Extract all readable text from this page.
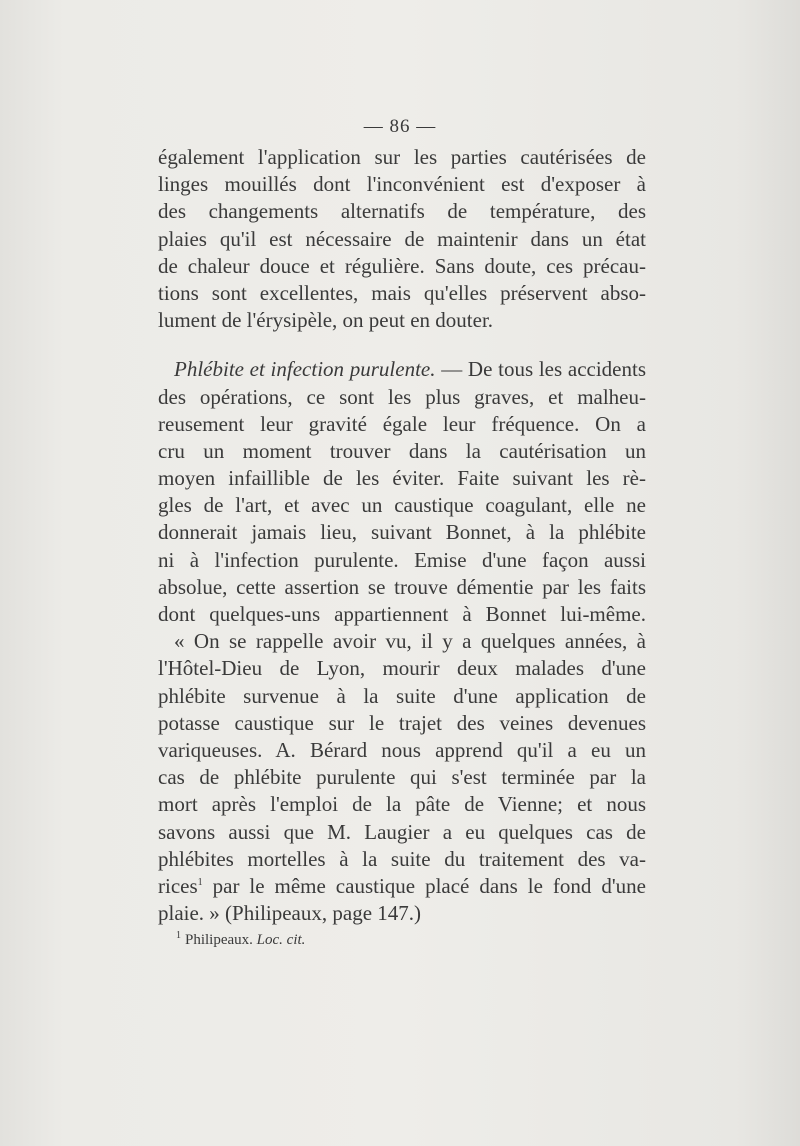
— 86 —
également l'application sur les parties cautérisées de
linges mouillés dont l'inconvénient est d'exposer à
des changements alternatifs de température, des
plaies qu'il est nécessaire de maintenir dans un état
de chaleur douce et régulière. Sans doute, ces précau-
tions sont excellentes, mais qu'elles préservent abso-
lument de l'érysipèle, on peut en douter.
Phlébite et infection purulente. — De tous les accidents
des opérations, ce sont les plus graves, et malheu-
reusement leur gravité égale leur fréquence. On a
cru un moment trouver dans la cautérisation un
moyen infaillible de les éviter. Faite suivant les rè-
gles de l'art, et avec un caustique coagulant, elle ne
donnerait jamais lieu, suivant Bonnet, à la phlébite
ni à l'infection purulente. Emise d'une façon aussi
absolue, cette assertion se trouve démentie par les faits
dont quelques-uns appartiennent à Bonnet lui-même.
« On se rappelle avoir vu, il y a quelques années, à
l'Hôtel-Dieu de Lyon, mourir deux malades d'une
phlébite survenue à la suite d'une application de
potasse caustique sur le trajet des veines devenues
variqueuses. A. Bérard nous apprend qu'il a eu un
cas de phlébite purulente qui s'est terminée par la
mort après l'emploi de la pâte de Vienne; et nous
savons aussi que M. Laugier a eu quelques cas de
phlébites mortelles à la suite du traitement des va-
rices$^1$ par le même caustique placé dans le fond d'une
plaie. » (Philipeaux, page 147.)
$^1$ Philipeaux. Loc. cit.
